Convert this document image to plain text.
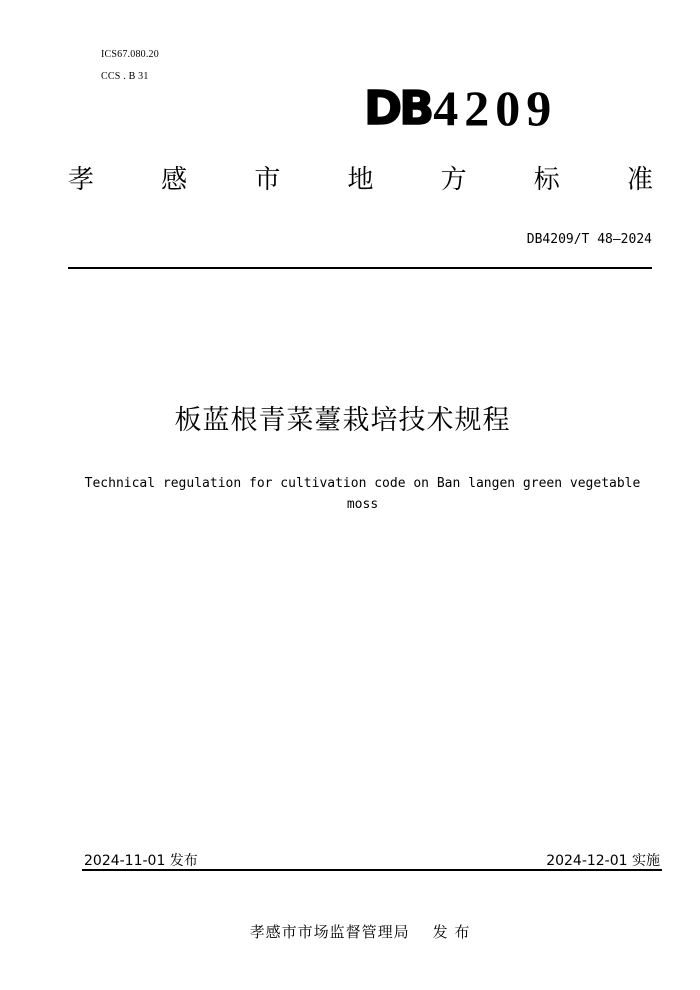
ICS67.080.20
CCS . B 31
DB 4209
孝	感	市	地	方	标	准
DB4209/T 48—2024
板蓝根青菜薹栽培技术规程
Technical regulation for cultivation code on Ban langen green vegetable moss
2024-11-01 发布	2024-12-01 实施
孝感市市场监督管理局    发 布
